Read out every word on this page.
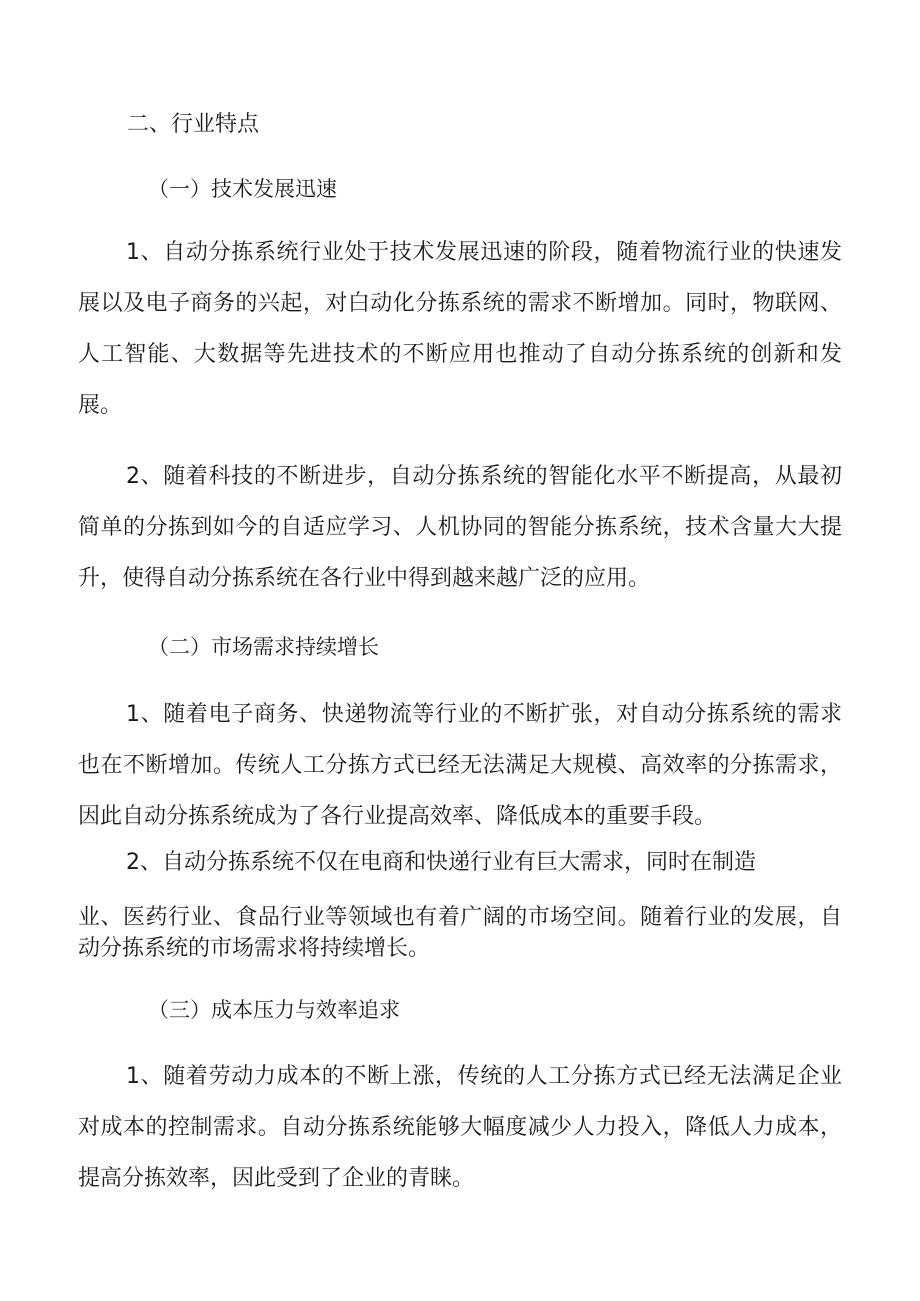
二、行业特点
（一）技术发展迅速

1、自动分拣系统行业处于技术发展迅速的阶段，随着物流行业的快速发展以及电子商务的兴起，对白动化分拣系统的需求不断增加。同时，物联网、人工智能、大数据等先进技术的不断应用也推动了自动分拣系统的创新和发展。

2、随着科技的不断进步，自动分拣系统的智能化水平不断提高，从最初简单的分拣到如今的自适应学习、人机协同的智能分拣系统，技术含量大大提升，使得自动分拣系统在各行业中得到越来越广泛的应用。

（二）市场需求持续增长

1、随着电子商务、快递物流等行业的不断扩张，对自动分拣系统的需求也在不断增加。传统人工分拣方式已经无法满足大规模、高效率的分拣需求，因此自动分拣系统成为了各行业提高效率、降低成本的重要手段。

2、自动分拣系统不仅在电商和快递行业有巨大需求，同时在制造
业、医药行业、食品行业等领域也有着广阔的市场空间。随着行业的发展，自动分拣系统的市场需求将持续增长。
（三）成本压力与效率追求

1、随着劳动力成本的不断上涨，传统的人工分拣方式已经无法满足企业对成本的控制需求。自动分拣系统能够大幅度减少人力投入，降低人力成本，提高分拣效率，因此受到了企业的青睐。
